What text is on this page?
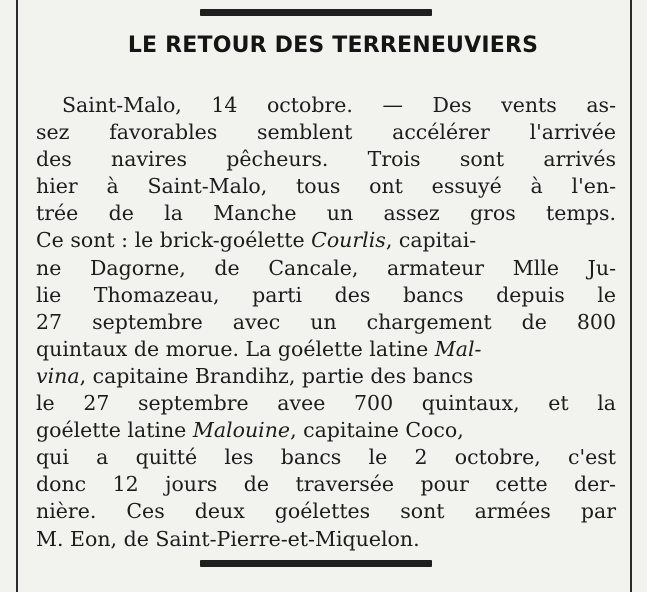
LE RETOUR DES TERRENEUVIERS
Saint-Malo, 14 octobre. — Des vents as-
sez favorables semblent accélérer l'arrivée
des navires pêcheurs. Trois sont arrivés
hier à Saint-Malo, tous ont essuyé à l'en-
trée de la Manche un assez gros temps.
Ce sont : le brick-goélette Courlis, capitai-
ne Dagorne, de Cancale, armateur Mlle Ju-
lie Thomazeau, parti des bancs depuis le
27 septembre avec un chargement de 800
quintaux de morue. La goélette latine Mal-
vina, capitaine Brandihz, partie des bancs
le 27 septembre avee 700 quintaux, et la
goélette latine Malouine, capitaine Coco,
qui a quitté les bancs le 2 octobre, c'est
donc 12 jours de traversée pour cette der-
nière. Ces deux goélettes sont armées par
M. Eon, de Saint-Pierre-et-Miquelon.
